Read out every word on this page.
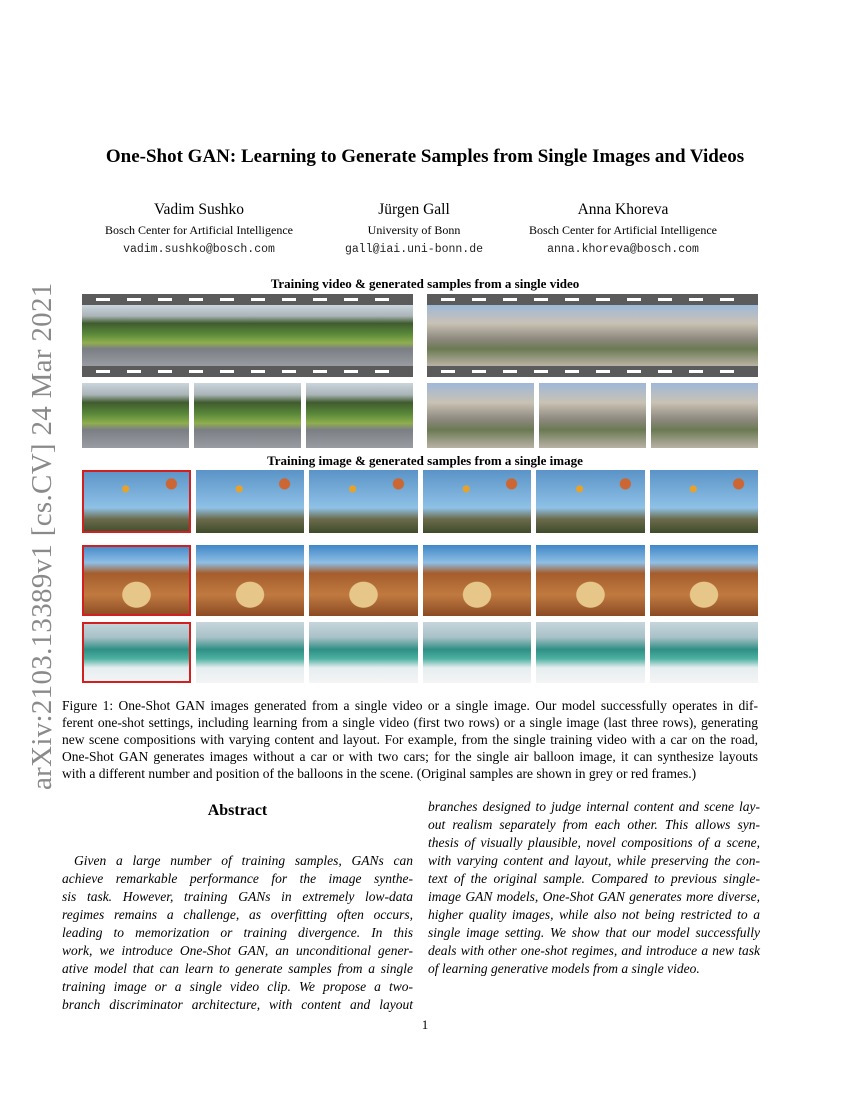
arXiv:2103.13389v1 [cs.CV] 24 Mar 2021
One-Shot GAN: Learning to Generate Samples from Single Images and Videos
Vadim Sushko
Bosch Center for Artificial Intelligence
vadim.sushko@bosch.com
Jürgen Gall
University of Bonn
gall@iai.uni-bonn.de
Anna Khoreva
Bosch Center for Artificial Intelligence
anna.khoreva@bosch.com
Training video & generated samples from a single video
Training image & generated samples from a single image
Figure 1: One-Shot GAN images generated from a single video or a single image. Our model successfully operates in dif-
ferent one-shot settings, including learning from a single video (first two rows) or a single image (last three rows), generating
new scene compositions with varying content and layout. For example, from the single training video with a car on the road,
One-Shot GAN generates images without a car or with two cars; for the single air balloon image, it can synthesize layouts
with a different number and position of the balloons in the scene. (Original samples are shown in grey or red frames.)
Abstract
Given a large number of training samples, GANs can
achieve remarkable performance for the image synthe-
sis task. However, training GANs in extremely low-data
regimes remains a challenge, as overfitting often occurs,
leading to memorization or training divergence. In this
work, we introduce One-Shot GAN, an unconditional gener-
ative model that can learn to generate samples from a single
training image or a single video clip. We propose a two-
branch discriminator architecture, with content and layout
branches designed to judge internal content and scene lay-
out realism separately from each other. This allows syn-
thesis of visually plausible, novel compositions of a scene,
with varying content and layout, while preserving the con-
text of the original sample. Compared to previous single-
image GAN models, One-Shot GAN generates more diverse,
higher quality images, while also not being restricted to a
single image setting. We show that our model successfully
deals with other one-shot regimes, and introduce a new task
of learning generative models from a single video.
1
